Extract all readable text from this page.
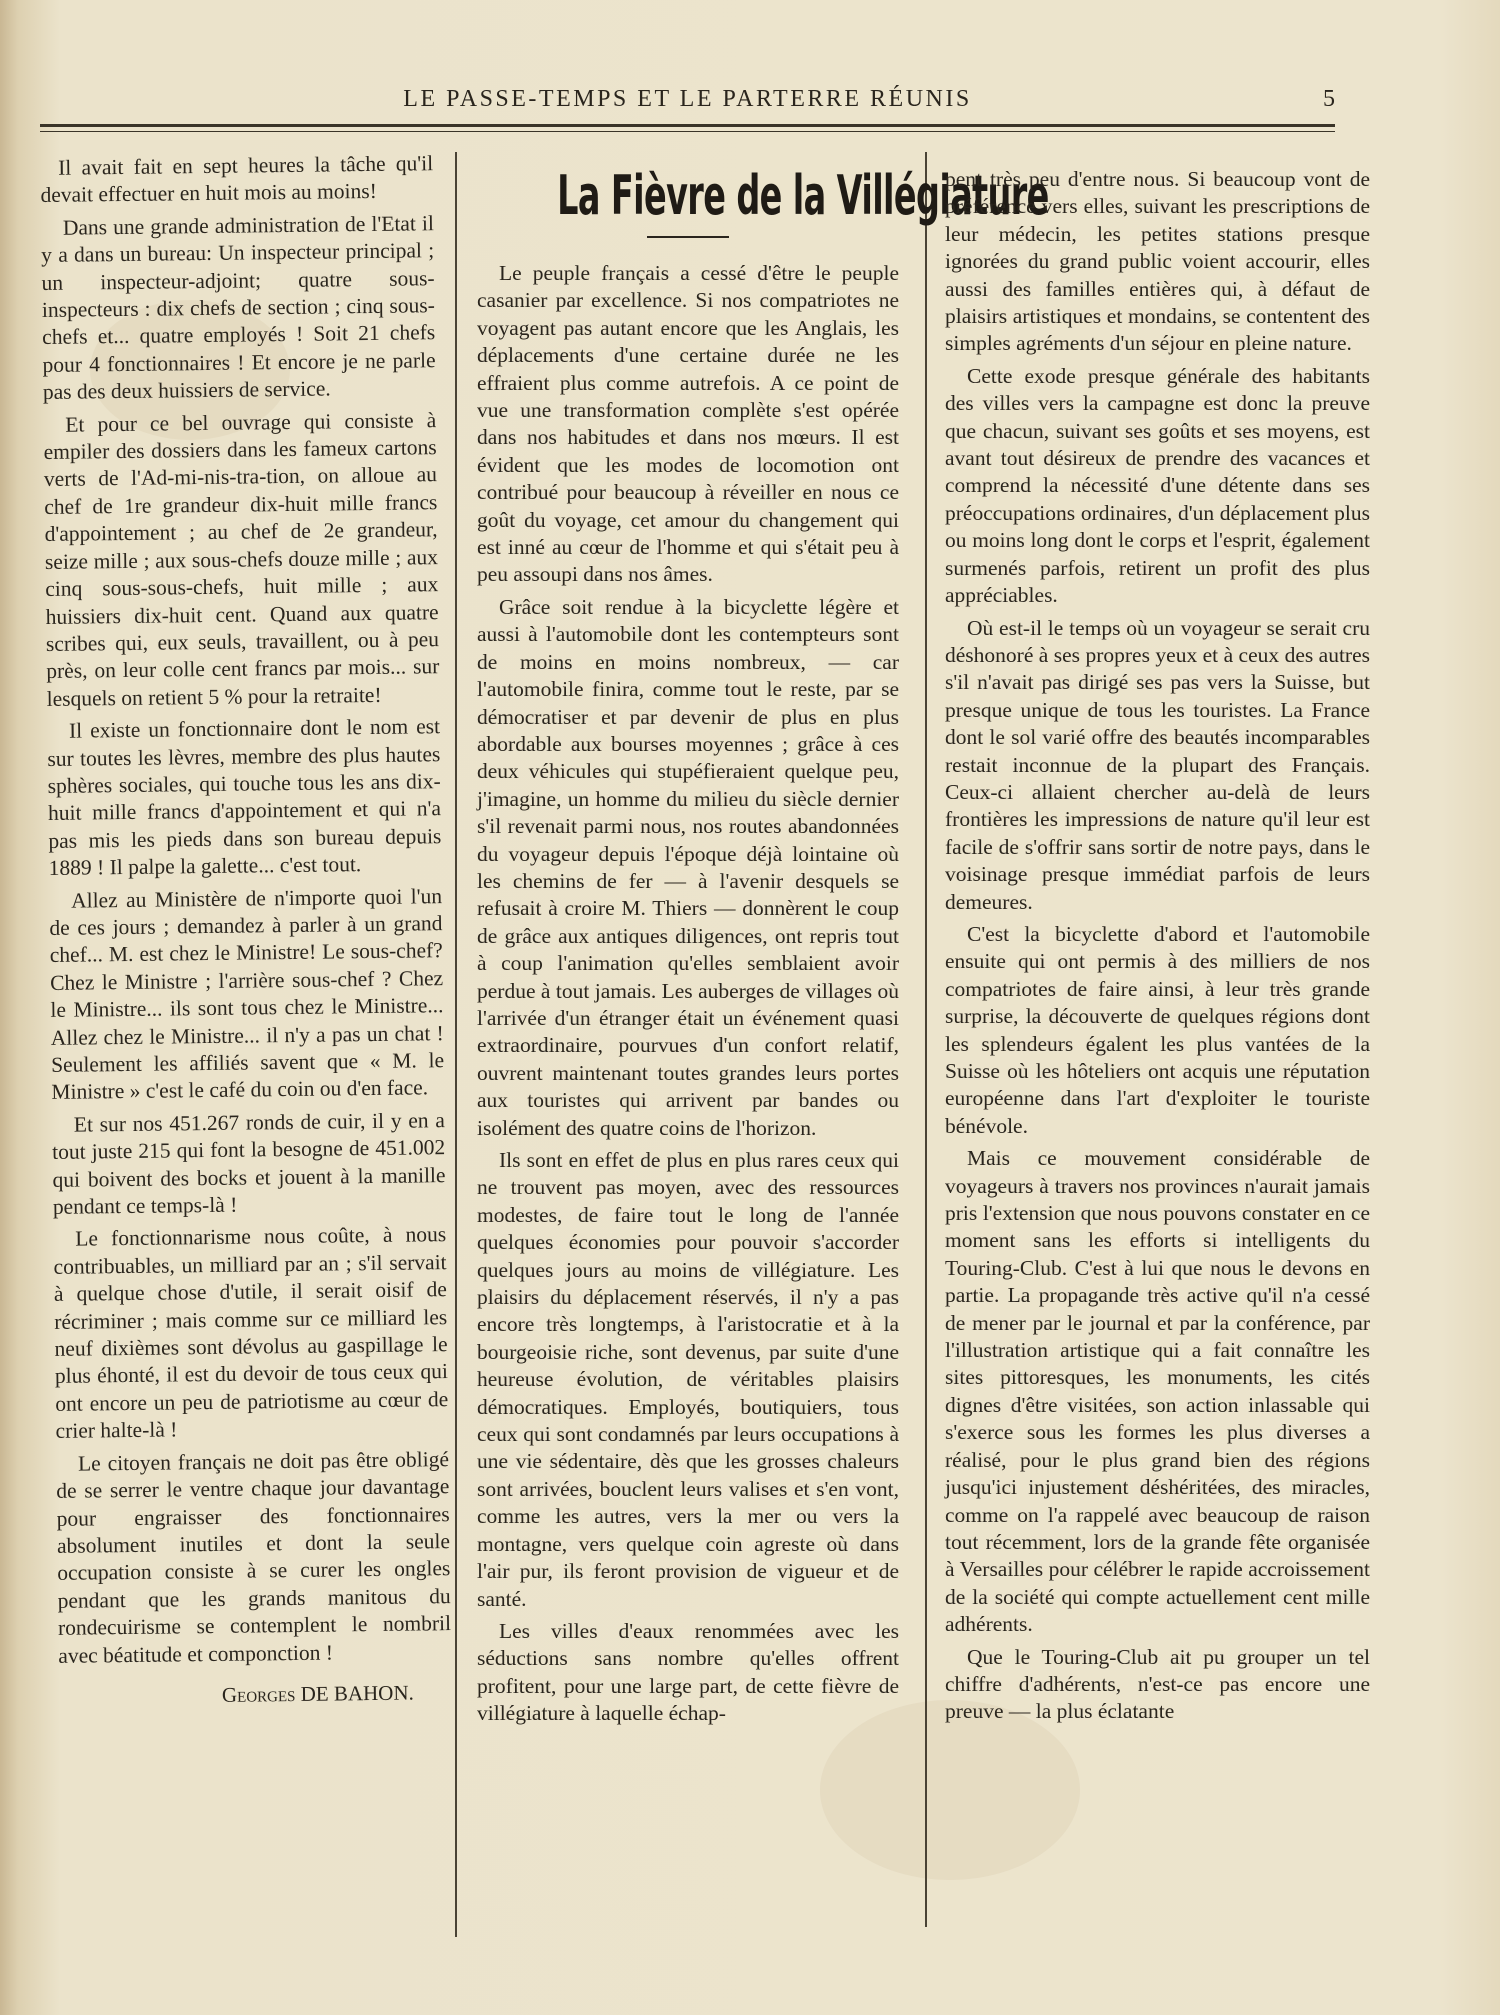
LE PASSE-TEMPS ET LE PARTERRE RÉUNIS	5

Il avait fait en sept heures la tâche qu'il devait effectuer en huit mois au moins!

Dans une grande administration de l'Etat il y a dans un bureau: Un inspecteur principal ; un inspecteur-adjoint; quatre sous-inspecteurs : dix chefs de section ; cinq sous-chefs et... quatre employés ! Soit 21 chefs pour 4 fonctionnaires ! Et encore je ne parle pas des deux huissiers de service.

Et pour ce bel ouvrage qui consiste à empiler des dossiers dans les fameux cartons verts de l'Ad-mi-nis-tra-tion, on alloue au chef de 1re grandeur dix-huit mille francs d'appointement ; au chef de 2e grandeur, seize mille ; aux sous-chefs douze mille ; aux cinq sous-sous-chefs, huit mille ; aux huissiers dix-huit cent. Quand aux quatre scribes qui, eux seuls, travaillent, ou à peu près, on leur colle cent francs par mois... sur lesquels on retient 5 % pour la retraite!

Il existe un fonctionnaire dont le nom est sur toutes les lèvres, membre des plus hautes sphères sociales, qui touche tous les ans dix-huit mille francs d'appointement et qui n'a pas mis les pieds dans son bureau depuis 1889 ! Il palpe la galette... c'est tout.

Allez au Ministère de n'importe quoi l'un de ces jours ; demandez à parler à un grand chef... M. est chez le Ministre! Le sous-chef? Chez le Ministre ; l'arrière sous-chef ? Chez le Ministre... ils sont tous chez le Ministre... Allez chez le Ministre... il n'y a pas un chat ! Seulement les affiliés savent que « M. le Ministre » c'est le café du coin ou d'en face.

Et sur nos 451.267 ronds de cuir, il y en a tout juste 215 qui font la besogne de 451.002 qui boivent des bocks et jouent à la manille pendant ce temps-là !

Le fonctionnarisme nous coûte, à nous contribuables, un milliard par an ; s'il servait à quelque chose d'utile, il serait oisif de récriminer ; mais comme sur ce milliard les neuf dixièmes sont dévolus au gaspillage le plus éhonté, il est du devoir de tous ceux qui ont encore un peu de patriotisme au cœur de crier halte-là !

Le citoyen français ne doit pas être obligé de se serrer le ventre chaque jour davantage pour engraisser des fonctionnaires absolument inutiles et dont la seule occupation consiste à se curer les ongles pendant que les grands manitous du rondecuirisme se contemplent le nombril avec béatitude et componction !

Georges DE BAHON.
La Fièvre de la Villégiature

Le peuple français a cessé d'être le peuple casanier par excellence. Si nos compatriotes ne voyagent pas autant encore que les Anglais, les déplacements d'une certaine durée ne les effraient plus comme autrefois. A ce point de vue une transformation complète s'est opérée dans nos habitudes et dans nos mœurs. Il est évident que les modes de locomotion ont contribué pour beaucoup à réveiller en nous ce goût du voyage, cet amour du changement qui est inné au cœur de l'homme et qui s'était peu à peu assoupi dans nos âmes.

Grâce soit rendue à la bicyclette légère et aussi à l'automobile dont les contempteurs sont de moins en moins nombreux, — car l'automobile finira, comme tout le reste, par se démocratiser et par devenir de plus en plus abordable aux bourses moyennes ; grâce à ces deux véhicules qui stupéfieraient quelque peu, j'imagine, un homme du milieu du siècle dernier s'il revenait parmi nous, nos routes abandonnées du voyageur depuis l'époque déjà lointaine où les chemins de fer — à l'avenir desquels se refusait à croire M. Thiers — donnèrent le coup de grâce aux antiques diligences, ont repris tout à coup l'animation qu'elles semblaient avoir perdue à tout jamais. Les auberges de villages où l'arrivée d'un étranger était un événement quasi extraordinaire, pourvues d'un confort relatif, ouvrent maintenant toutes grandes leurs portes aux touristes qui arrivent par bandes ou isolément des quatre coins de l'horizon.

Ils sont en effet de plus en plus rares ceux qui ne trouvent pas moyen, avec des ressources modestes, de faire tout le long de l'année quelques économies pour pouvoir s'accorder quelques jours au moins de villégiature. Les plaisirs du déplacement réservés, il n'y a pas encore très longtemps, à l'aristocratie et à la bourgeoisie riche, sont devenus, par suite d'une heureuse évolution, de véritables plaisirs démocratiques. Employés, boutiquiers, tous ceux qui sont condamnés par leurs occupations à une vie sédentaire, dès que les grosses chaleurs sont arrivées, bouclent leurs valises et s'en vont, comme les autres, vers la mer ou vers la montagne, vers quelque coin agreste où dans l'air pur, ils feront provision de vigueur et de santé.

Les villes d'eaux renommées avec les séductions sans nombre qu'elles offrent profitent, pour une large part, de cette fièvre de villégiature à laquelle échap-

pent très peu d'entre nous. Si beaucoup vont de préférence vers elles, suivant les prescriptions de leur médecin, les petites stations presque ignorées du grand public voient accourir, elles aussi des familles entières qui, à défaut de plaisirs artistiques et mondains, se contentent des simples agréments d'un séjour en pleine nature.

Cette exode presque générale des habitants des villes vers la campagne est donc la preuve que chacun, suivant ses goûts et ses moyens, est avant tout désireux de prendre des vacances et comprend la nécessité d'une détente dans ses préoccupations ordinaires, d'un déplacement plus ou moins long dont le corps et l'esprit, également surmenés parfois, retirent un profit des plus appréciables.

Où est-il le temps où un voyageur se serait cru déshonoré à ses propres yeux et à ceux des autres s'il n'avait pas dirigé ses pas vers la Suisse, but presque unique de tous les touristes. La France dont le sol varié offre des beautés incomparables restait inconnue de la plupart des Français. Ceux-ci allaient chercher au-delà de leurs frontières les impressions de nature qu'il leur est facile de s'offrir sans sortir de notre pays, dans le voisinage presque immédiat parfois de leurs demeures.

C'est la bicyclette d'abord et l'automobile ensuite qui ont permis à des milliers de nos compatriotes de faire ainsi, à leur très grande surprise, la découverte de quelques régions dont les splendeurs égalent les plus vantées de la Suisse où les hôteliers ont acquis une réputation européenne dans l'art d'exploiter le touriste bénévole.

Mais ce mouvement considérable de voyageurs à travers nos provinces n'aurait jamais pris l'extension que nous pouvons constater en ce moment sans les efforts si intelligents du Touring-Club. C'est à lui que nous le devons en partie. La propagande très active qu'il n'a cessé de mener par le journal et par la conférence, par l'illustration artistique qui a fait connaître les sites pittoresques, les monuments, les cités dignes d'être visitées, son action inlassable qui s'exerce sous les formes les plus diverses a réalisé, pour le plus grand bien des régions jusqu'ici injustement déshéritées, des miracles, comme on l'a rappelé avec beaucoup de raison tout récemment, lors de la grande fête organisée à Versailles pour célébrer le rapide accroissement de la société qui compte actuellement cent mille adhérents.

Que le Touring-Club ait pu grouper un tel chiffre d'adhérents, n'est-ce pas encore une preuve — la plus éclatante
